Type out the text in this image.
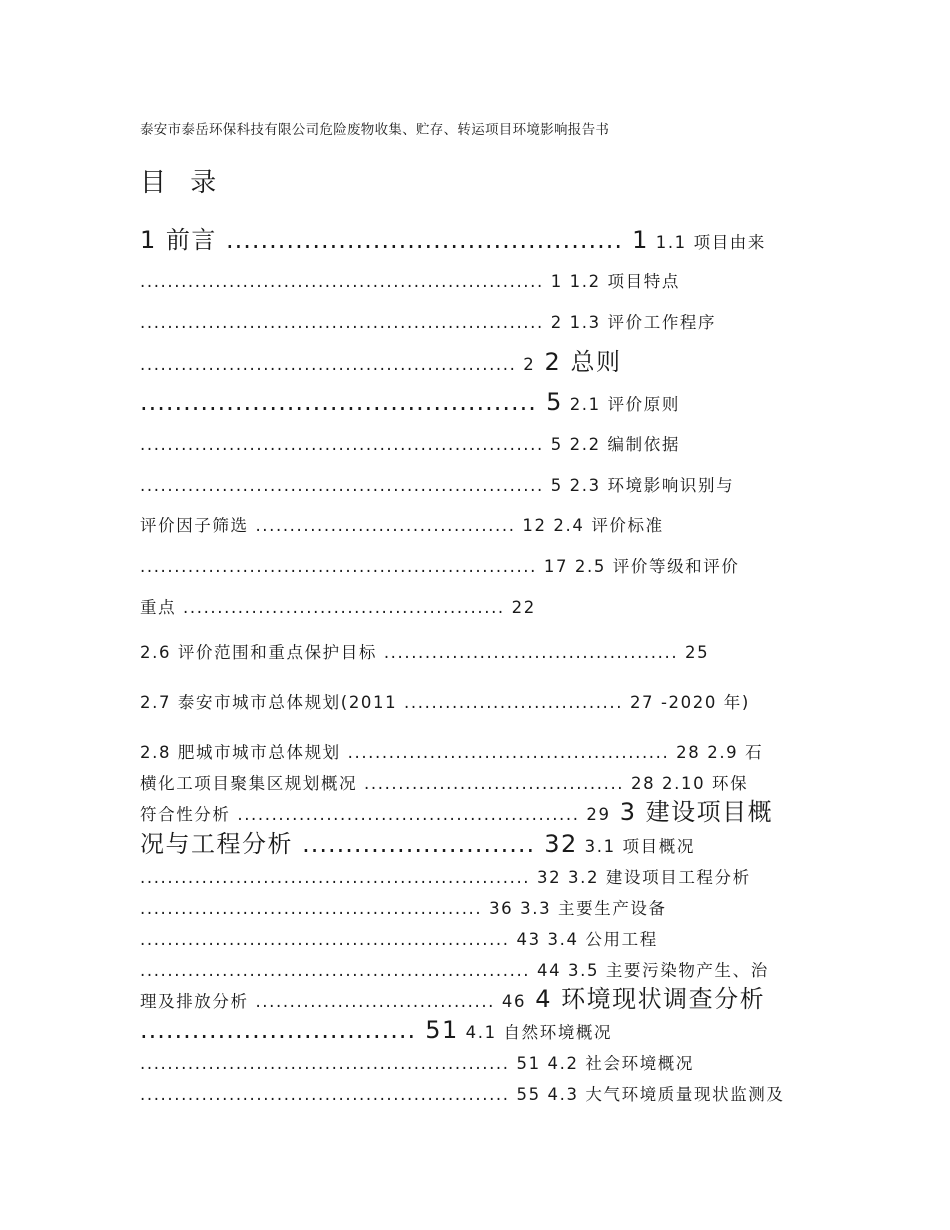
泰安市泰岳环保科技有限公司危险废物收集、贮存、转运项目环境影响报告书
目 录
1 前言 .............................................. 1 1.1 项目由来
........................................................... 1 1.2 项目特点
........................................................... 2 1.3 评价工作程序
....................................................... 2 2 总则
.............................................. 5 2.1 评价原则
........................................................... 5 2.2 编制依据
........................................................... 5 2.3 环境影响识别与
评价因子筛选 ...................................... 12 2.4 评价标准
.......................................................... 17 2.5 评价等级和评价
重点 ............................................... 22
2.6 评价范围和重点保护目标 ........................................... 25
2.7 泰安市城市总体规划(2011 ................................ 27 -2020 年)
2.8 肥城市城市总体规划 ............................................... 28 2.9 石
横化工项目聚集区规划概况 ...................................... 28 2.10 环保
符合性分析 .................................................. 29 3 建设项目概
况与工程分析 ........................... 32 3.1 项目概况
......................................................... 32 3.2 建设项目工程分析
.................................................. 36 3.3 主要生产设备
...................................................... 43 3.4 公用工程
......................................................... 44 3.5 主要污染物产生、治
理及排放分析 ................................... 46 4 环境现状调查分析
................................ 51 4.1 自然环境概况
...................................................... 51 4.2 社会环境概况
...................................................... 55 4.3 大气环境质量现状监测及
